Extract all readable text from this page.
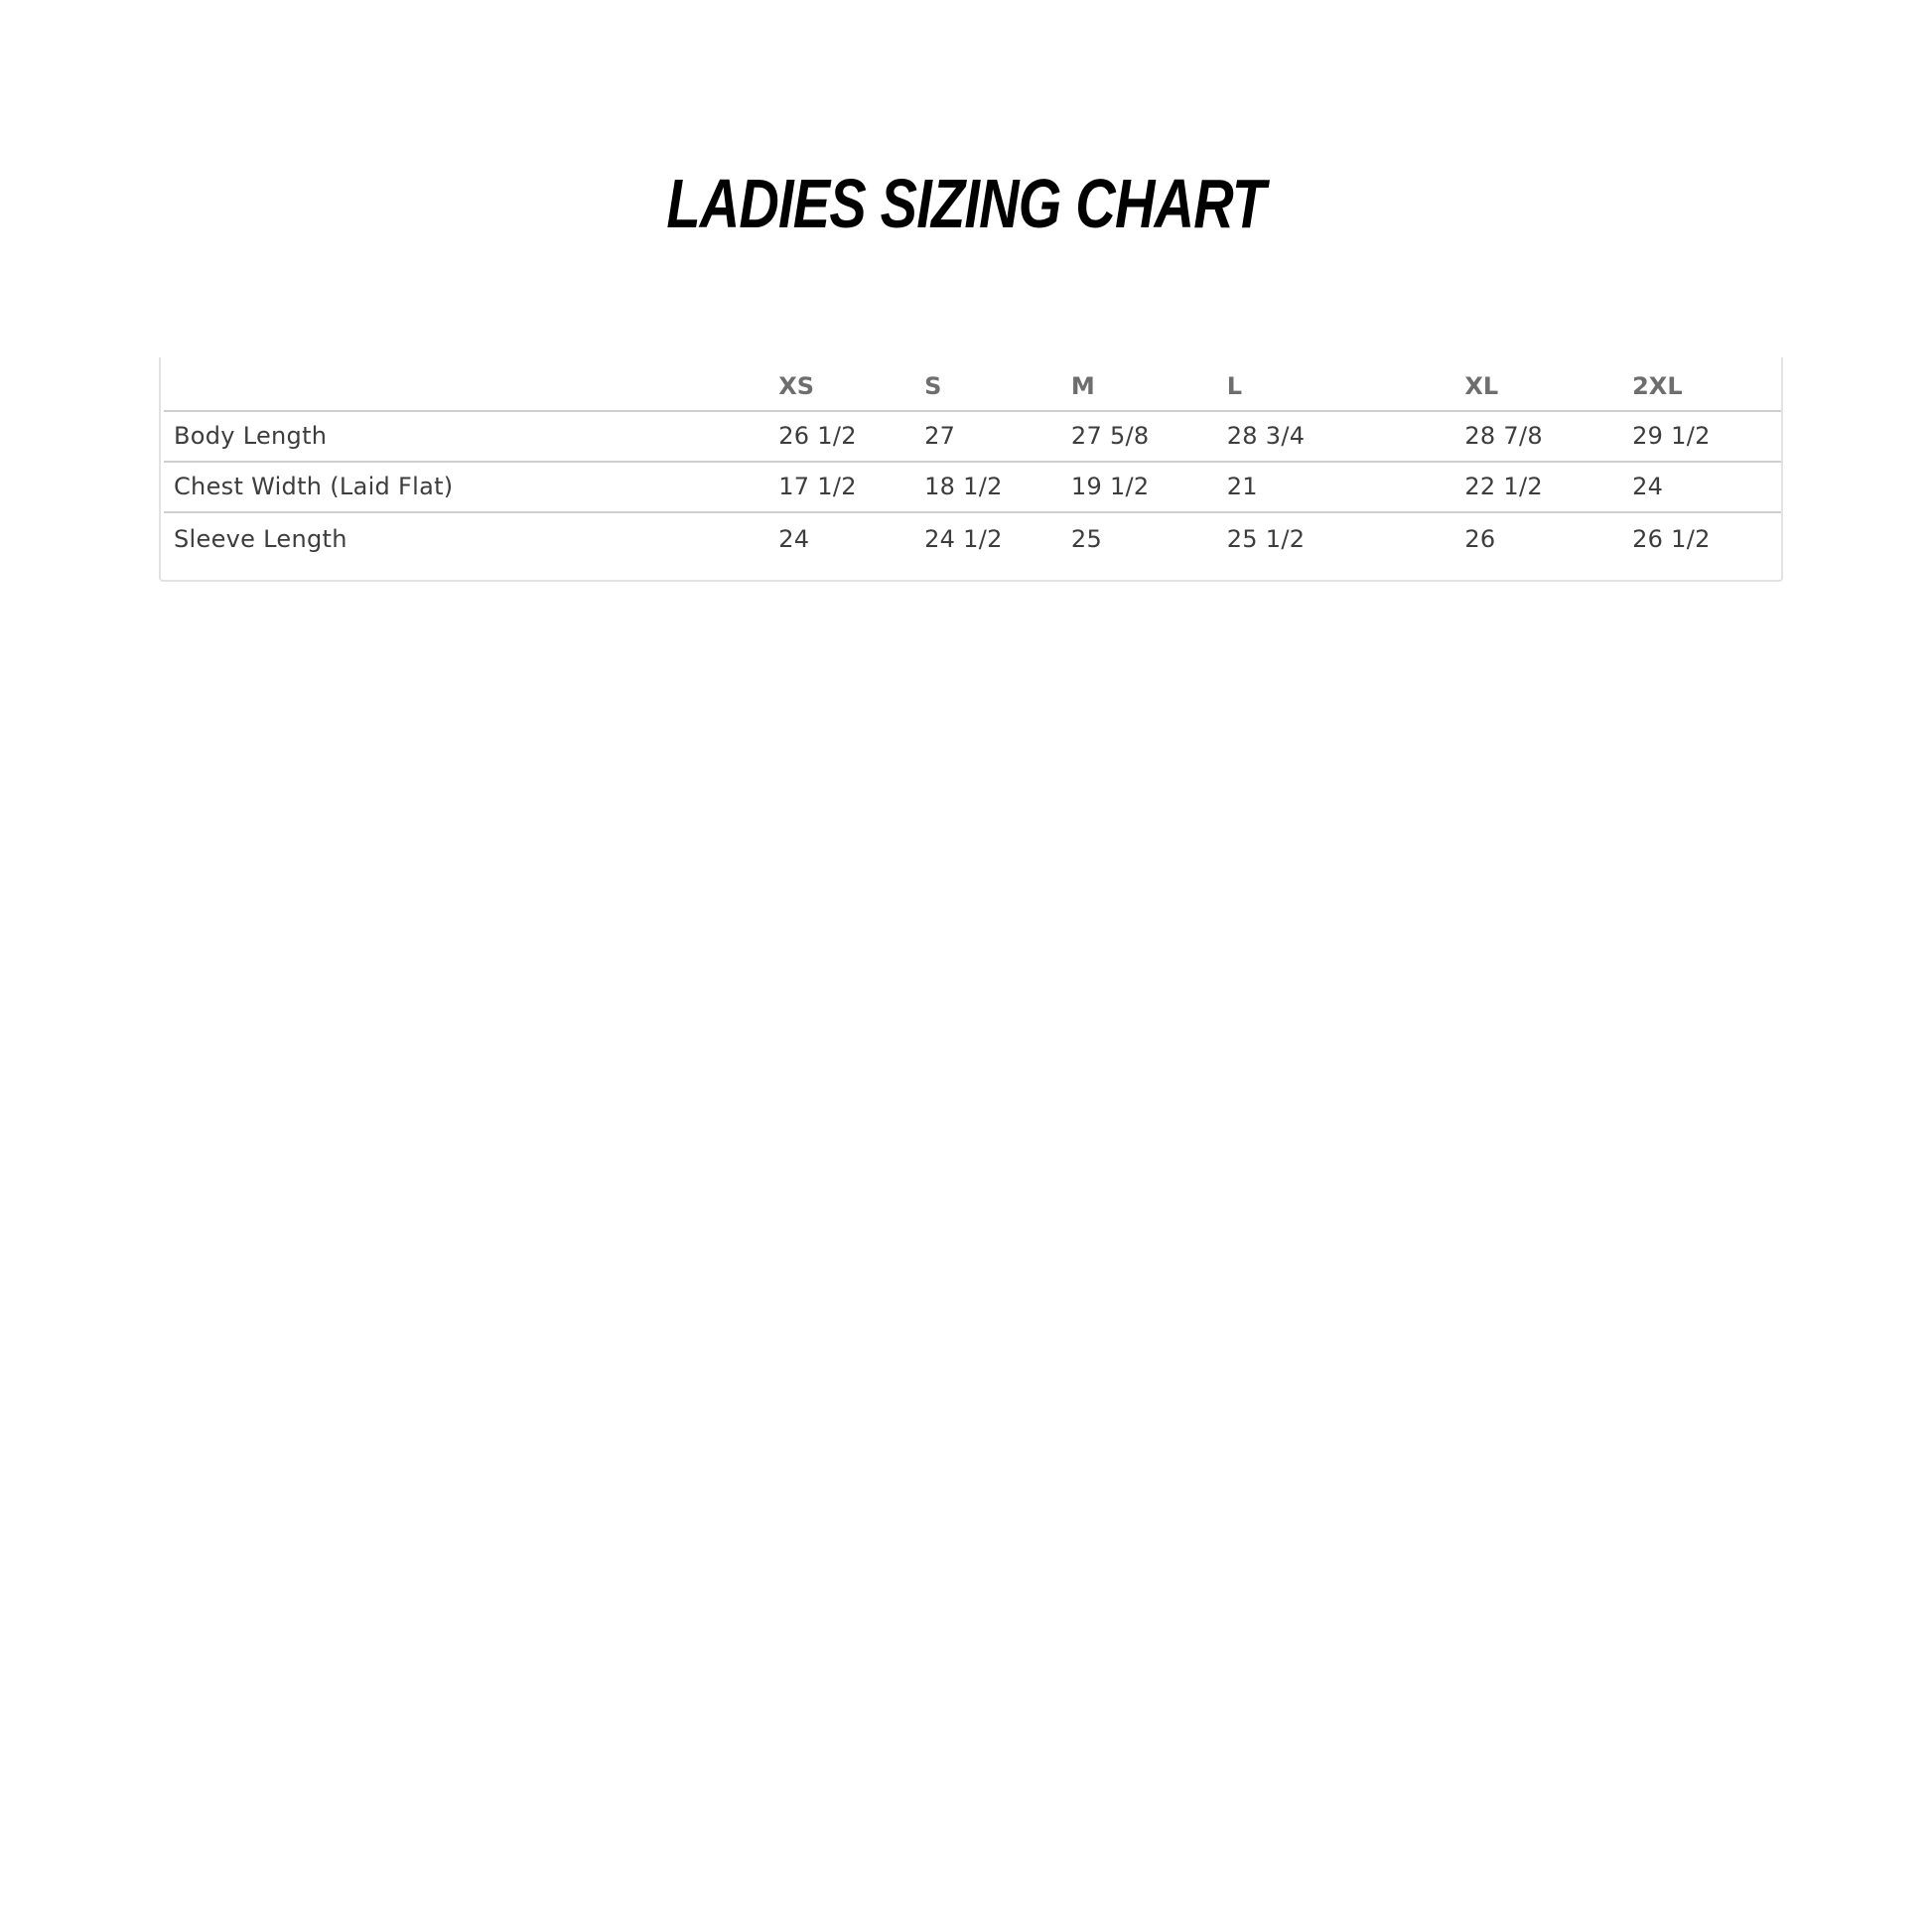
LADIES SIZING CHART
	XS	S	M	L	XL	2XL
Body Length	26 1/2	27	27 5/8	28 3/4	28 7/8	29 1/2
Chest Width (Laid Flat)	17 1/2	18 1/2	19 1/2	21	22 1/2	24
Sleeve Length	24	24 1/2	25	25 1/2	26	26 1/2
